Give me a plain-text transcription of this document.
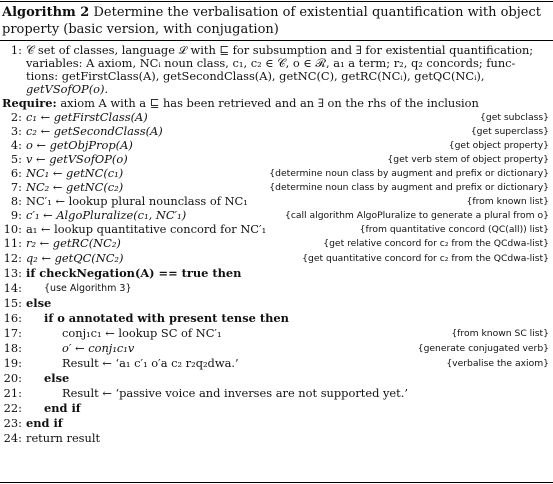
Algorithm 2 Determine the verbalisation of existential quantification with object property (basic version, with conjugation)
1: 𝒞 set of classes, language ℒ with ⊑ for subsumption and ∃ for existential quantification;
variables: A axiom, NCᵢ noun class, c₁, c₂ ∈ 𝒞, o ∈ ℛ, a₁ a term; r₂, q₂ concords; func-
tions: getFirstClass(A), getSecondClass(A), getNC(C), getRC(NCᵢ), getQC(NCᵢ),
getVSofOP(o).
Require: axiom A with a ⊑ has been retrieved and an ∃ on the rhs of the inclusion
2: c₁ ← getFirstClass(A)	{get subclass}
3: c₂ ← getSecondClass(A)	{get superclass}
4: o ← getObjProp(A)	{get object property}
5: v ← getVSofOP(o)	{get verb stem of object property}
6: NC₁ ← getNC(c₁)	{determine noun class by augment and prefix or dictionary}
7: NC₂ ← getNC(c₂)	{determine noun class by augment and prefix or dictionary}
8: NC′₁ ← lookup plural nounclass of NC₁	{from known list}
9: c′₁ ← AlgoPluralize(c₁, NC′₁)	{call algorithm AlgoPluralize to generate a plural from o}
10: a₁ ← lookup quantitative concord for NC′₁	{from quantitative concord (QC(all)) list}
11: r₂ ← getRC(NC₂)	{get relative concord for c₂ from the QCdwa-list}
12: q₂ ← getQC(NC₂)	{get quantitative concord for c₂ from the QCdwa-list}
13: if checkNegation(A) == true then
14: {use Algorithm 3}
15: else
16: if o annotated with present tense then
17:	conj₁c₁ ← lookup SC of NC′₁	{from known SC list}
18:	o′ ← conj₁c₁v	{generate conjugated verb}
19:	Result ← ‘a₁ c′₁ o′a c₂ r₂q₂dwa.’	{verbalise the axiom}
20: else
21:	Result ← ‘passive voice and inverses are not supported yet.’
22: end if
23: end if
24: return result
